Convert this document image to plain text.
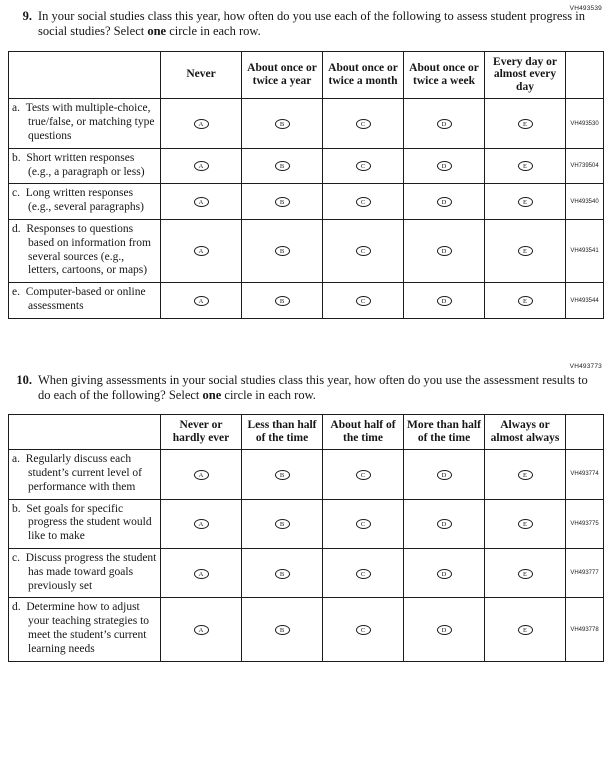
VH493539
9. In your social studies class this year, how often do you use each of the following to assess student progress in social studies? Select one circle in each row.
	Never	About once or twice a year	About once or twice a month	About once or twice a week	Every day or almost every day	

a. Tests with multiple-choice, true/false, or matching type questions	A	B	C	D	E	VH493530

b. Short written responses (e.g., a paragraph or less)	A	B	C	D	E	VH739504

c. Long written responses (e.g., several paragraphs)	A	B	C	D	E	VH493540

d. Responses to questions based on information from several sources (e.g., letters, cartoons, or maps)	A	B	C	D	E	VH493541

e. Computer-based or online assessments	A	B	C	D	E	VH493544
VH493773
10. When giving assessments in your social studies class this year, how often do you use the assessment results to do each of the following? Select one circle in each row.
	Never or hardly ever	Less than half of the time	About half of the time	More than half of the time	Always or almost always	

a. Regularly discuss each student’s current level of performance with them	A	B	C	D	E	VH493774

b. Set goals for specific progress the student would like to make	A	B	C	D	E	VH493775

c. Discuss progress the student has made toward goals previously set	A	B	C	D	E	VH493777

d. Determine how to adjust your teaching strategies to meet the student’s current learning needs	A	B	C	D	E	VH493778
